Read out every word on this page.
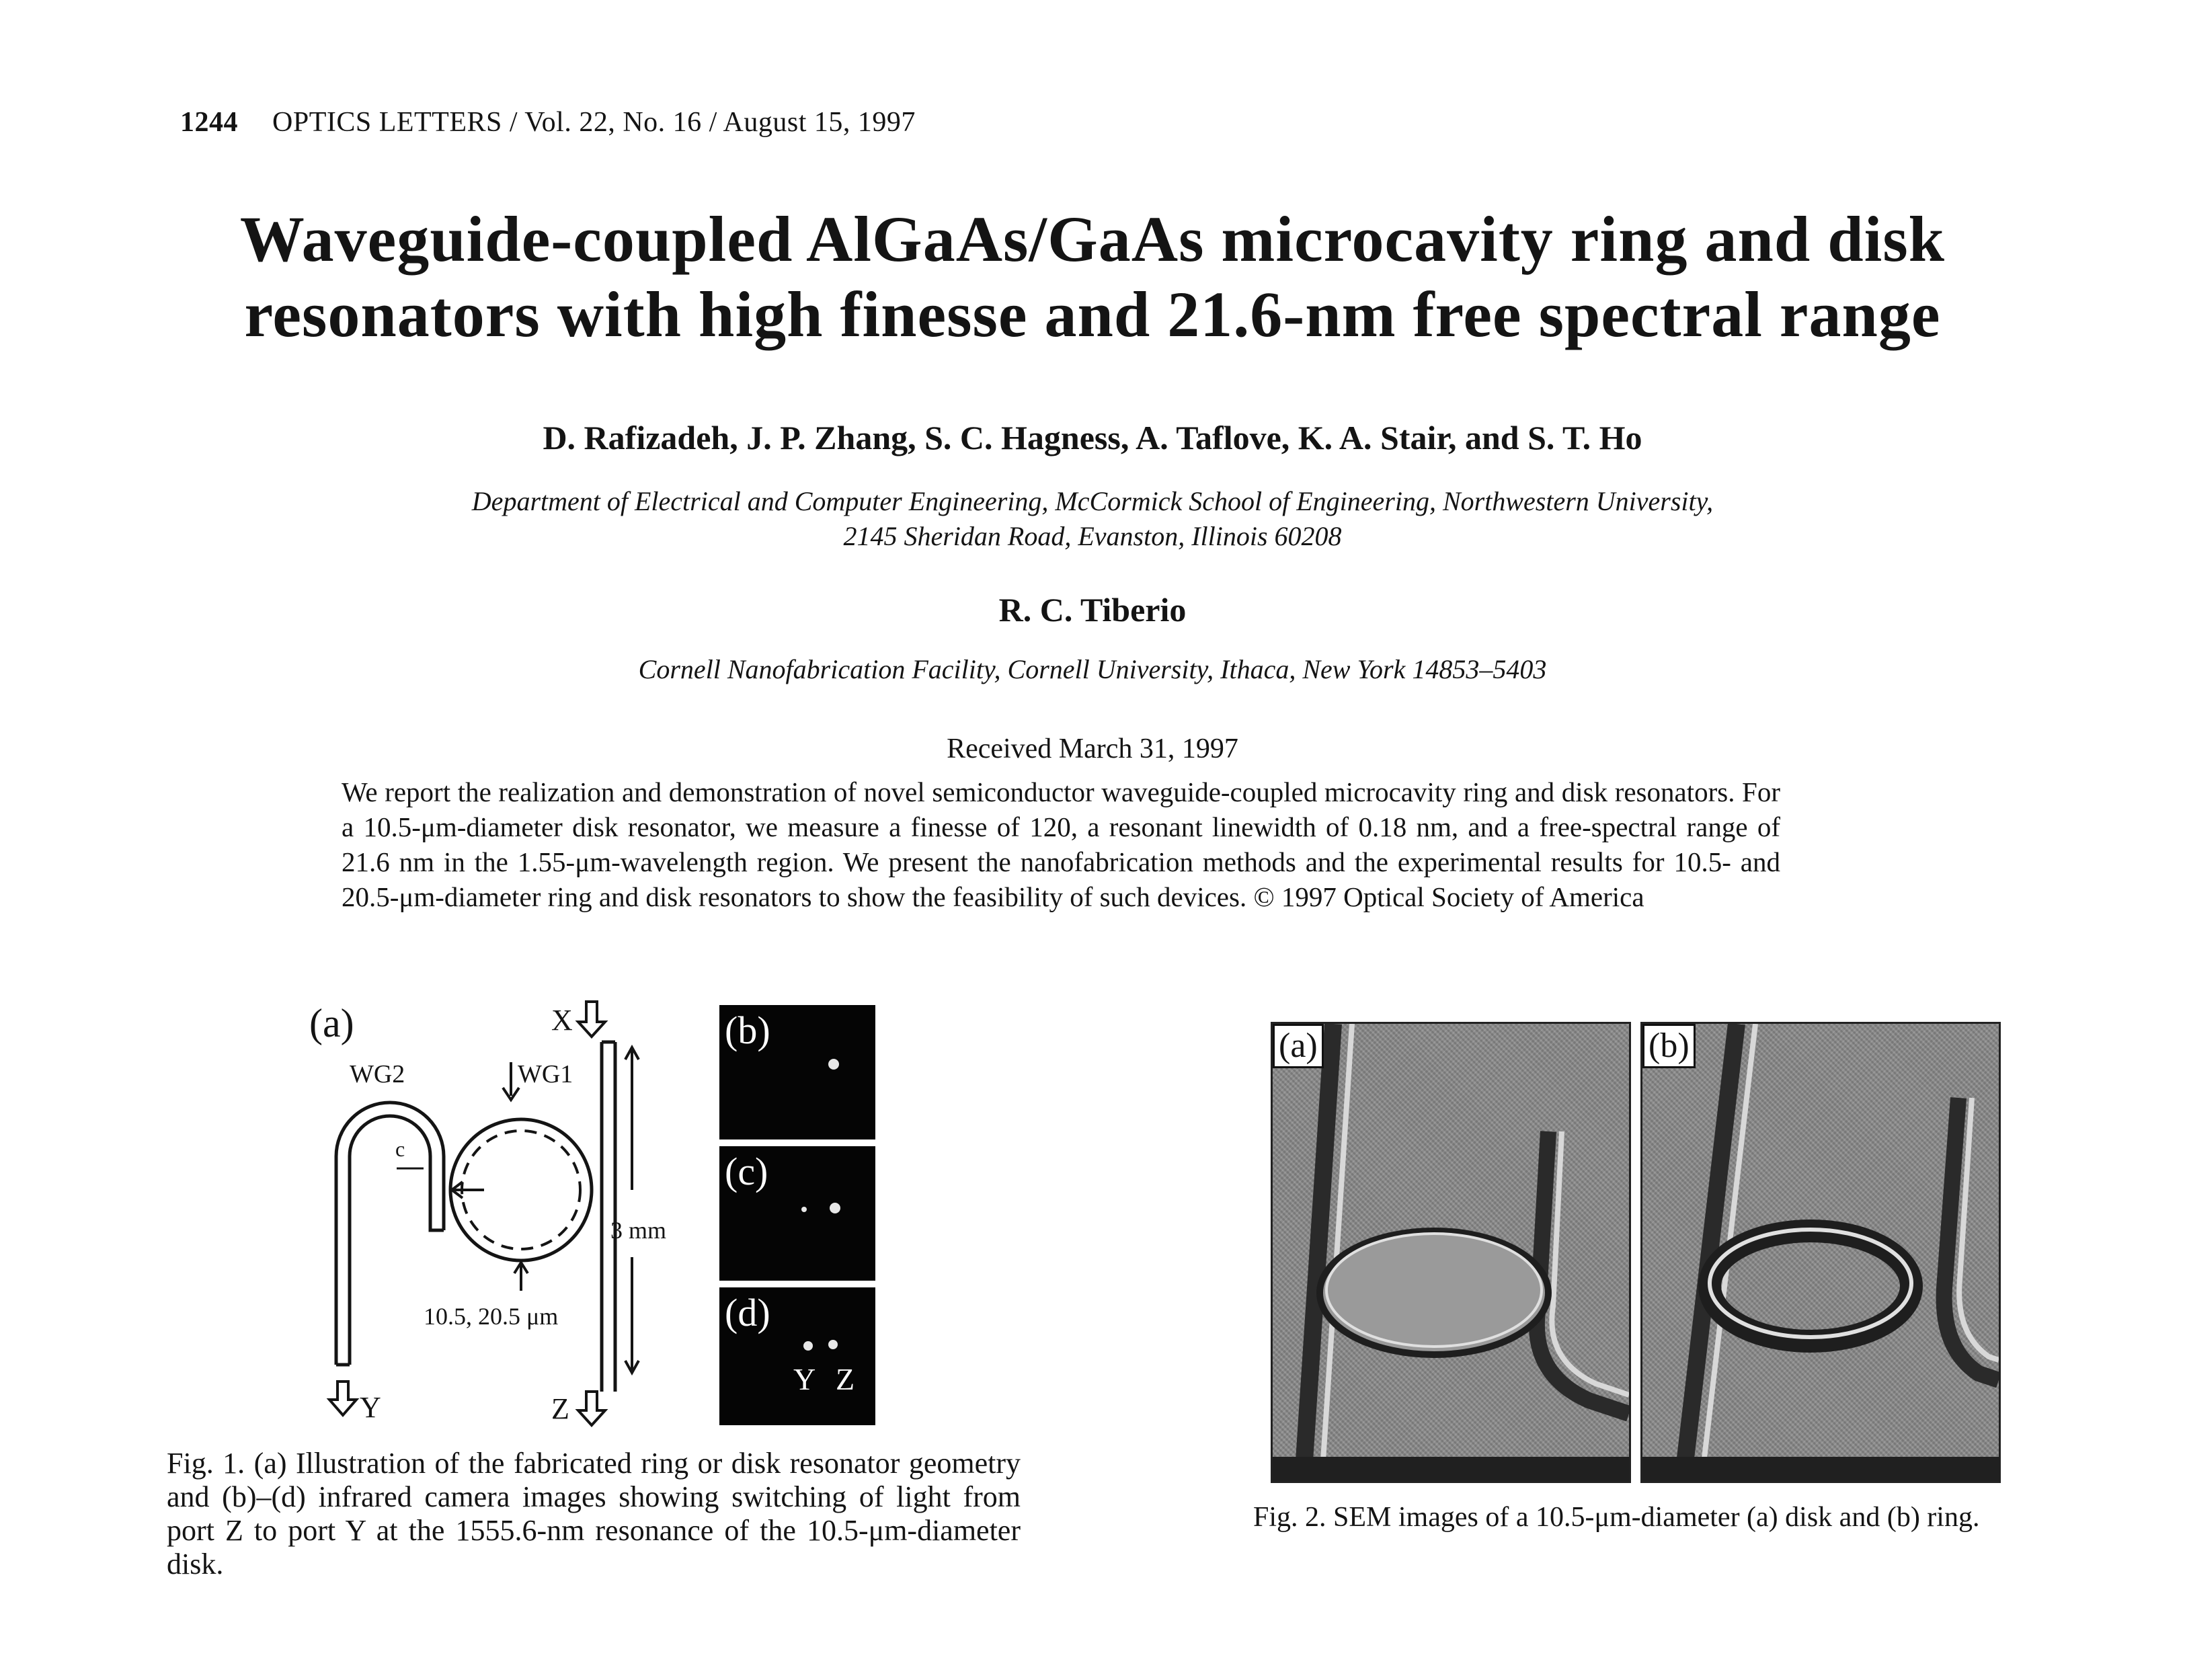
1244 OPTICS LETTERS / Vol. 22, No. 16 / August 15, 1997
Waveguide-coupled AlGaAs/GaAs microcavity ring and disk
resonators with high finesse and 21.6-nm free spectral range
D. Rafizadeh, J. P. Zhang, S. C. Hagness, A. Taflove, K. A. Stair, and S. T. Ho
Department of Electrical and Computer Engineering, McCormick School of Engineering, Northwestern University,
2145 Sheridan Road, Evanston, Illinois 60208
R. C. Tiberio
Cornell Nanofabrication Facility, Cornell University, Ithaca, New York 14853–5403
Received March 31, 1997
We report the realization and demonstration of novel semiconductor waveguide-coupled microcavity ring and disk resonators. For a 10.5-μm-diameter disk resonator, we measure a finesse of 120, a resonant linewidth of 0.18 nm, and a free-spectral range of 21.6 nm in the 1.55-μm-wavelength region. We present the nanofabrication methods and the experimental results for 10.5- and 20.5-μm-diameter ring and disk resonators to show the feasibility of such devices. © 1997 Optical Society of America
(a)
WG2	WG1
c
X
Y	Z
3 mm
10.5, 20.5 μm
(b)
(c)
(d)
Y Z
Fig. 1. (a) Illustration of the fabricated ring or disk resonator geometry and (b)–(d) infrared camera images showing switching of light from port Z to port Y at the 1555.6-nm resonance of the 10.5-μm-diameter disk.
(a)	(b)
Fig. 2. SEM images of a 10.5-μm-diameter (a) disk and (b) ring.
